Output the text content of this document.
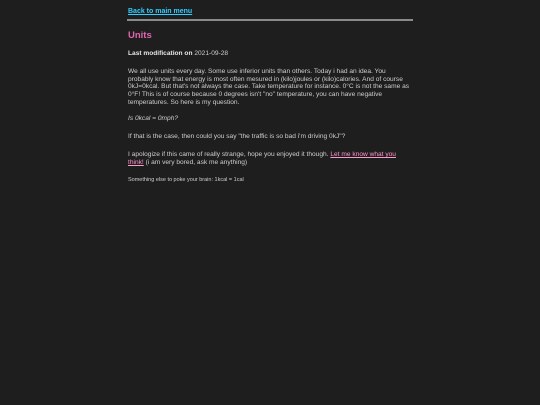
Back to main menu
Units
Last modification on 2021-09-28
We all use units every day. Some use inferior units than others. Today i had an idea. You probably know that energy is most often mesured in (kilo)joules or (kilo)calories. And of course 0kJ=0kcal. But that's not always the case. Take temperature for instance. 0°C is not the same as 0°F! This is of course because 0 degrees isn't "no" temperature, you can have negative temperatures. So here is my question.
Is 0kcal = 0mph?
If that is the case, then could you say "the traffic is so bad i'm driving 0kJ"?
I apologize if this came of really strange, hope you enjoyed it though. Let me know what you think! (i am very bored, ask me anything)
Something else to poke your brain: 1kcal = 1cal
